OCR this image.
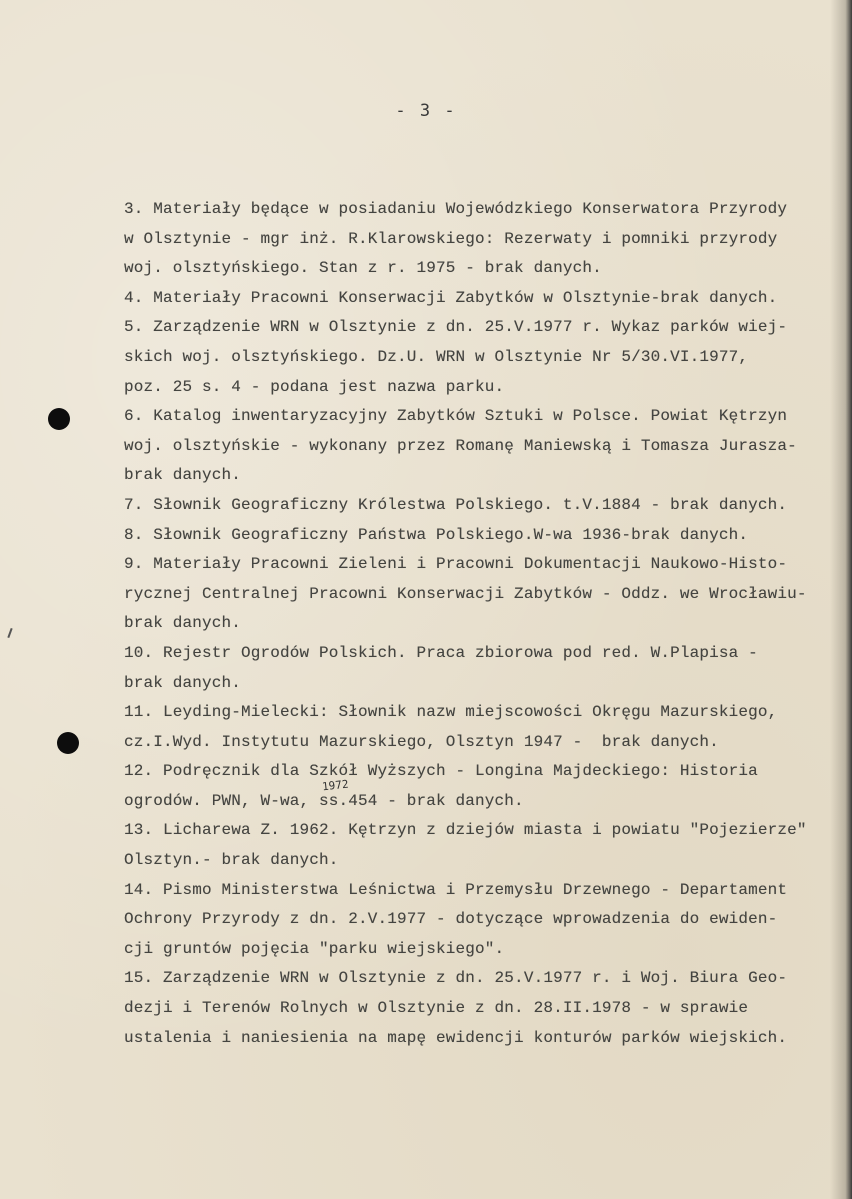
- 3 -
1972
3. Materiały będące w posiadaniu Wojewódzkiego Konserwatora Przyrody
w Olsztynie - mgr inż. R.Klarowskiego: Rezerwaty i pomniki przyrody
woj. olsztyńskiego. Stan z r. 1975 - brak danych.
4. Materiały Pracowni Konserwacji Zabytków w Olsztynie-brak danych.
5. Zarządzenie WRN w Olsztynie z dn. 25.V.1977 r. Wykaz parków wiej-
skich woj. olsztyńskiego. Dz.U. WRN w Olsztynie Nr 5/30.VI.1977,
poz. 25 s. 4 - podana jest nazwa parku.
6. Katalog inwentaryzacyjny Zabytków Sztuki w Polsce. Powiat Kętrzyn
woj. olsztyńskie - wykonany przez Romanę Maniewską i Tomasza Jurasza-
brak danych.
7. Słownik Geograficzny Królestwa Polskiego. t.V.1884 - brak danych.
8. Słownik Geograficzny Państwa Polskiego.W-wa 1936-brak danych.
9. Materiały Pracowni Zieleni i Pracowni Dokumentacji Naukowo-Histo-
rycznej Centralnej Pracowni Konserwacji Zabytków - Oddz. we Wrocławiu-
brak danych.
10. Rejestr Ogrodów Polskich. Praca zbiorowa pod red. W.Plapisa -
brak danych.
11. Leyding-Mielecki: Słownik nazw miejscowości Okręgu Mazurskiego,
cz.I.Wyd. Instytutu Mazurskiego, Olsztyn 1947 -  brak danych.
12. Podręcznik dla Szkół Wyższych - Longina Majdeckiego: Historia
ogrodów. PWN, W-wa, ss.454 - brak danych.
13. Licharewa Z. 1962. Kętrzyn z dziejów miasta i powiatu "Pojezierze"
Olsztyn.- brak danych.
14. Pismo Ministerstwa Leśnictwa i Przemysłu Drzewnego - Departament
Ochrony Przyrody z dn. 2.V.1977 - dotyczące wprowadzenia do ewiden-
cji gruntów pojęcia "parku wiejskiego".
15. Zarządzenie WRN w Olsztynie z dn. 25.V.1977 r. i Woj. Biura Geo-
dezji i Terenów Rolnych w Olsztynie z dn. 28.II.1978 - w sprawie
ustalenia i naniesienia na mapę ewidencji konturów parków wiejskich.
